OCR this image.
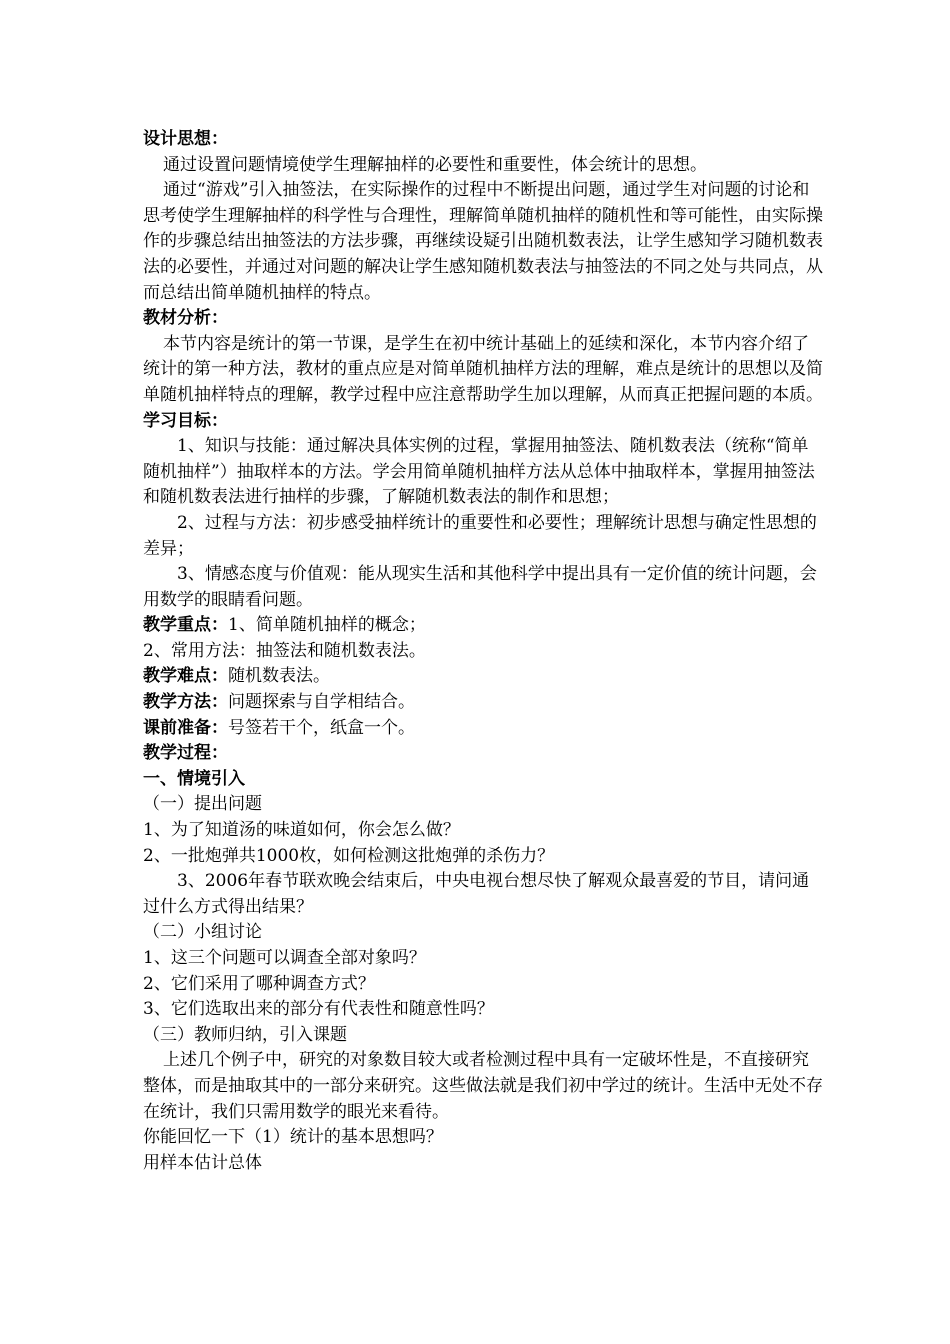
设计思想：

通过设置问题情境使学生理解抽样的必要性和重要性，体会统计的思想。

通过“游戏”引入抽签法，在实际操作的过程中不断提出问题，通过学生对问题的讨论和思考使学生理解抽样的科学性与合理性，理解简单随机抽样的随机性和等可能性，由实际操作的步骤总结出抽签法的方法步骤，再继续设疑引出随机数表法，让学生感知学习随机数表法的必要性，并通过对问题的解决让学生感知随机数表法与抽签法的不同之处与共同点，从而总结出简单随机抽样的特点。

教材分析：

本节内容是统计的第一节课，是学生在初中统计基础上的延续和深化，本节内容介绍了统计的第一种方法，教材的重点应是对简单随机抽样方法的理解，难点是统计的思想以及简单随机抽样特点的理解，教学过程中应注意帮助学生加以理解，从而真正把握问题的本质。

学习目标：

1、知识与技能：通过解决具体实例的过程，掌握用抽签法、随机数表法（统称“简单随机抽样”）抽取样本的方法。学会用简单随机抽样方法从总体中抽取样本，掌握用抽签法和随机数表法进行抽样的步骤，了解随机数表法的制作和思想；

2、过程与方法：初步感受抽样统计的重要性和必要性；理解统计思想与确定性思想的差异；

3、情感态度与价值观：能从现实生活和其他科学中提出具有一定价值的统计问题，会用数学的眼睛看问题。

教学重点：1、简单随机抽样的概念；

2、常用方法：抽签法和随机数表法。

教学难点：随机数表法。

教学方法：问题探索与自学相结合。

课前准备：号签若干个，纸盒一个。

教学过程：

一、情境引入

（一）提出问题

1、为了知道汤的味道如何，你会怎么做？

2、一批炮弹共1000枚，如何检测这批炮弹的杀伤力？

3、2006年春节联欢晚会结束后，中央电视台想尽快了解观众最喜爱的节目，请问通过什么方式得出结果？

（二）小组讨论

1、这三个问题可以调查全部对象吗？

2、它们采用了哪种调查方式？

3、它们选取出来的部分有代表性和随意性吗？

（三）教师归纳，引入课题

上述几个例子中，研究的对象数目较大或者检测过程中具有一定破坏性是，不直接研究整体，而是抽取其中的一部分来研究。这些做法就是我们初中学过的统计。生活中无处不存在统计，我们只需用数学的眼光来看待。

你能回忆一下（1）统计的基本思想吗？

用样本估计总体
